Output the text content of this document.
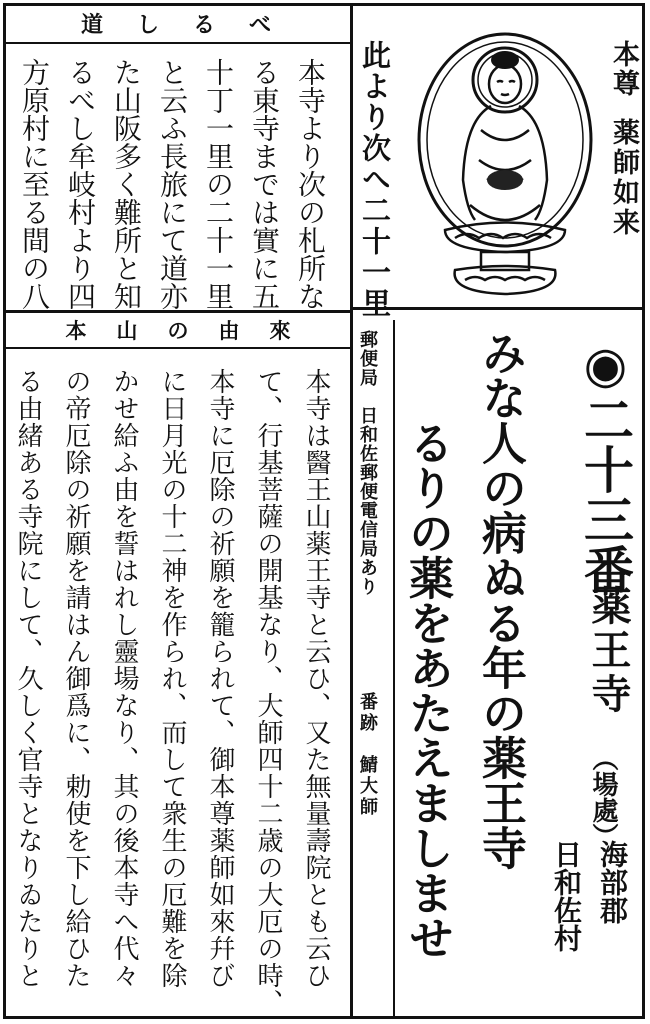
本尊
薬師如来
此より次へ二十一里
道しるべ
本寺より次の札所な
る東寺までは實に五
十丁一里の二十一里
と云ふ長旅にて道亦
た山阪多く難所と知
るべし牟岐村より四
方原村に至る間の八
本山の由來
本寺は醫王山薬王寺と云ひ、又た無量壽院とも云ひ
て、行基菩薩の開基なり、大師四十二歳の大厄の時、
本寺に厄除の祈願を籠られて、御本尊薬師如來幷び
に日月光の十二神を作られ、而して衆生の厄難を除
かせ給ふ由を誓はれし靈場なり、其の後本寺へ代々
の帝厄除の祈願を請はん御爲に、勅使を下し給ひた
る由緒ある寺院にして、久しく官寺となりゐたりと	郵便局　日和佐郵便電信局あり
番跡　鯖大師
◉二十三番
薬王寺
（場處）
海部郡
日和佐村
みな人の病ぬる年の薬王寺
るりの薬をあたえましませ
